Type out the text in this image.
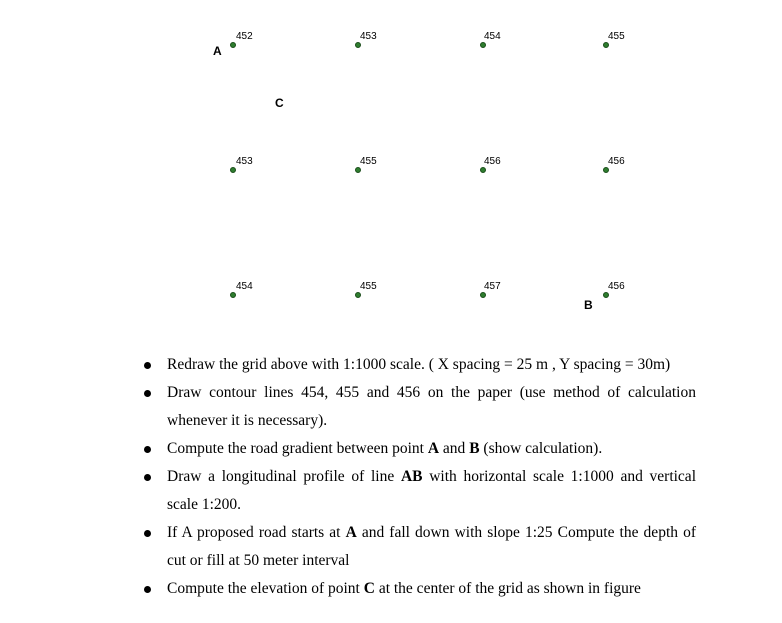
452	453	454	455
453	455	456	456
454	455	457	456
A
C
B
Redraw the grid above with 1:1000 scale. ( X spacing = 25 m , Y spacing = 30m)
Draw contour lines 454, 455 and 456 on the paper (use method of calculation whenever it is necessary).
Compute the road gradient between point A and B (show calculation).
Draw a longitudinal profile of line AB with horizontal scale 1:1000 and vertical scale 1:200.
If A proposed road starts at A and fall down with slope 1:25 Compute the depth of cut or fill at 50 meter interval
Compute the elevation of point C at the center of the grid as shown in figure
